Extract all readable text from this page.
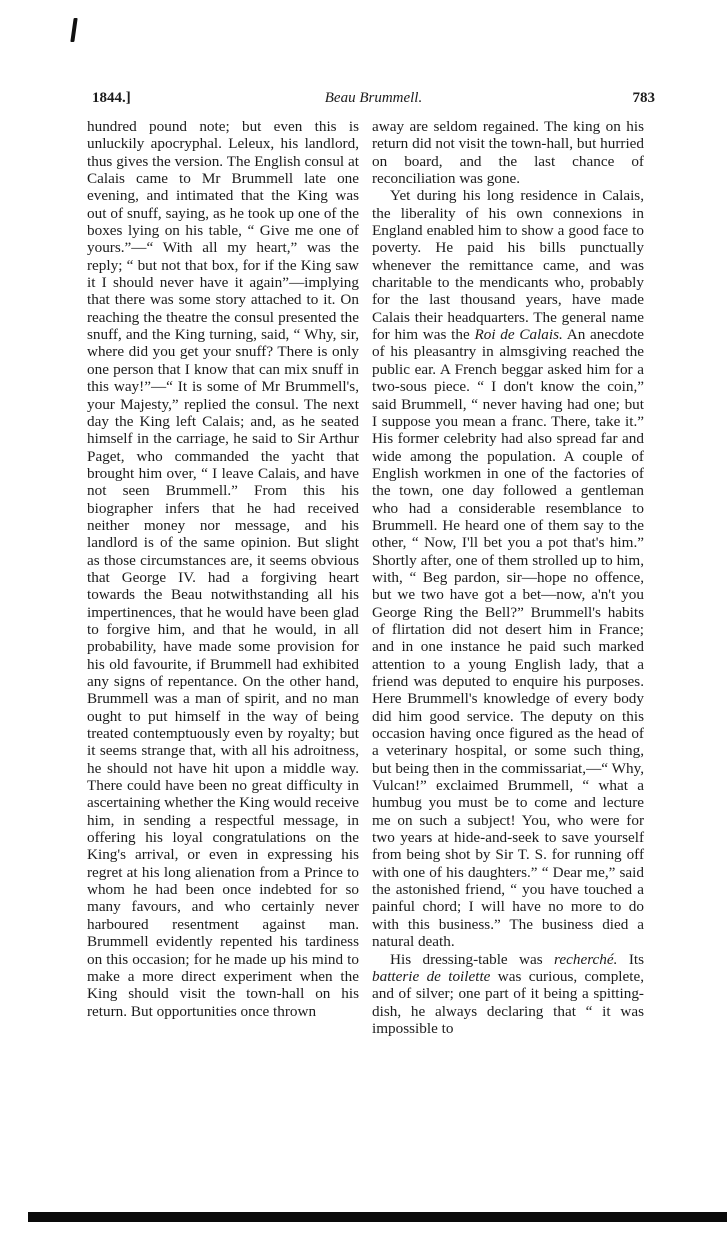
1844.]	Beau Brummell.	783

hundred pound note; but even this is unluckily apocryphal. Leleux, his landlord, thus gives the version. The English consul at Calais came to Mr Brummell late one evening, and intimated that the King was out of snuff, saying, as he took up one of the boxes lying on his table, “ Give me one of yours.”—“ With all my heart,” was the reply; “ but not that box, for if the King saw it I should never have it again”—implying that there was some story attached to it. On reaching the theatre the consul presented the snuff, and the King turning, said, “ Why, sir, where did you get your snuff? There is only one person that I know that can mix snuff in this way!”—“ It is some of Mr Brummell's, your Majesty,” replied the consul. The next day the King left Calais; and, as he seated himself in the carriage, he said to Sir Arthur Paget, who commanded the yacht that brought him over, “ I leave Calais, and have not seen Brummell.” From this his biographer infers that he had received neither money nor message, and his landlord is of the same opinion. But slight as those circumstances are, it seems obvious that George IV. had a forgiving heart towards the Beau notwithstanding all his impertinences, that he would have been glad to forgive him, and that he would, in all probability, have made some provision for his old favourite, if Brummell had exhibited any signs of repentance. On the other hand, Brummell was a man of spirit, and no man ought to put himself in the way of being treated contemptuously even by royalty; but it seems strange that, with all his adroitness, he should not have hit upon a middle way. There could have been no great difficulty in ascertaining whether the King would receive him, in sending a respectful message, in offering his loyal congratulations on the King's arrival, or even in expressing his regret at his long alienation from a Prince to whom he had been once indebted for so many favours, and who certainly never harboured resentment against man. Brummell evidently repented his tardiness on this occasion; for he made up his mind to make a more direct experiment when the King should visit the town-hall on his return. But opportunities once thrown

away are seldom regained. The king on his return did not visit the town-hall, but hurried on board, and the last chance of reconciliation was gone.

Yet during his long residence in Calais, the liberality of his own connexions in England enabled him to show a good face to poverty. He paid his bills punctually whenever the remittance came, and was charitable to the mendicants who, probably for the last thousand years, have made Calais their headquarters. The general name for him was the Roi de Calais. An anecdote of his pleasantry in almsgiving reached the public ear. A French beggar asked him for a two-sous piece. “ I don't know the coin,” said Brummell, “ never having had one; but I suppose you mean a franc. There, take it.” His former celebrity had also spread far and wide among the population. A couple of English workmen in one of the factories of the town, one day followed a gentleman who had a considerable resemblance to Brummell. He heard one of them say to the other, “ Now, I'll bet you a pot that's him.” Shortly after, one of them strolled up to him, with, “ Beg pardon, sir—hope no offence, but we two have got a bet—now, a'n't you George Ring the Bell?” Brummell's habits of flirtation did not desert him in France; and in one instance he paid such marked attention to a young English lady, that a friend was deputed to enquire his purposes. Here Brummell's knowledge of every body did him good service. The deputy on this occasion having once figured as the head of a veterinary hospital, or some such thing, but being then in the commissariat,—“ Why, Vulcan!” exclaimed Brummell, “ what a humbug you must be to come and lecture me on such a subject! You, who were for two years at hide-and-seek to save yourself from being shot by Sir T. S. for running off with one of his daughters.” “ Dear me,” said the astonished friend, “ you have touched a painful chord; I will have no more to do with this business.” The business died a natural death.

His dressing-table was recherché. Its batterie de toilette was curious, complete, and of silver; one part of it being a spitting-dish, he always declaring that “ it was impossible to
